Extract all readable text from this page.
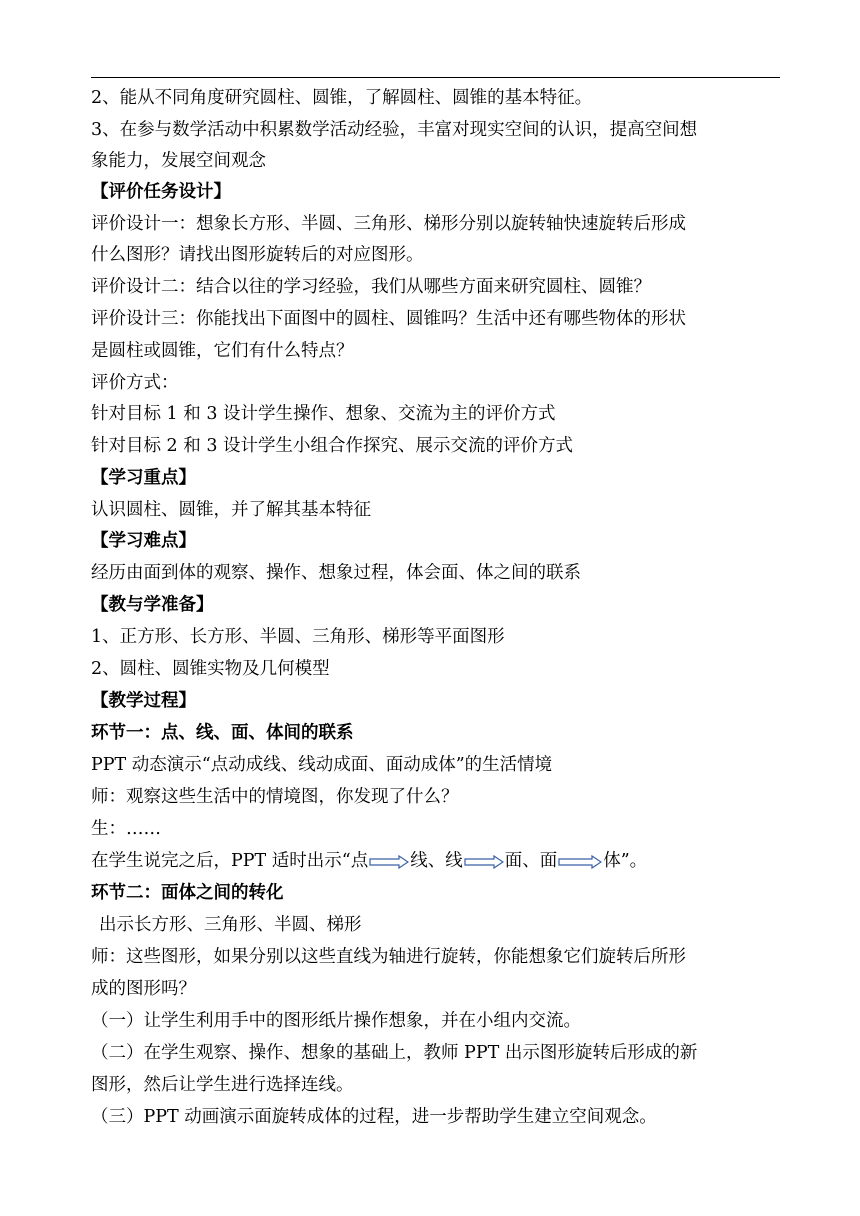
2、能从不同角度研究圆柱、圆锥，了解圆柱、圆锥的基本特征。
3、在参与数学活动中积累数学活动经验，丰富对现实空间的认识，提高空间想
象能力，发展空间观念
【评价任务设计】
评价设计一：想象长方形、半圆、三角形、梯形分别以旋转轴快速旋转后形成
什么图形？请找出图形旋转后的对应图形。
评价设计二：结合以往的学习经验，我们从哪些方面来研究圆柱、圆锥？
评价设计三：你能找出下面图中的圆柱、圆锥吗？生活中还有哪些物体的形状
是圆柱或圆锥，它们有什么特点？
评价方式：
针对目标 1 和 3 设计学生操作、想象、交流为主的评价方式
针对目标 2 和 3 设计学生小组合作探究、展示交流的评价方式
【学习重点】
认识圆柱、圆锥，并了解其基本特征
【学习难点】
经历由面到体的观察、操作、想象过程，体会面、体之间的联系
【教与学准备】
1、正方形、长方形、半圆、三角形、梯形等平面图形
2、圆柱、圆锥实物及几何模型
【教学过程】
环节一：点、线、面、体间的联系
PPT 动态演示“点动成线、线动成面、面动成体”的生活情境
师：观察这些生活中的情境图，你发现了什么？
生：……
在学生说完之后，PPT 适时出示“点 线、线 面、面	体”。
环节二：面体之间的转化
出示长方形、三角形、半圆、梯形
师：这些图形，如果分别以这些直线为轴进行旋转，你能想象它们旋转后所形
成的图形吗？
（一）让学生利用手中的图形纸片操作想象，并在小组内交流。
（二）在学生观察、操作、想象的基础上，教师 PPT 出示图形旋转后形成的新
图形，然后让学生进行选择连线。
（三）PPT 动画演示面旋转成体的过程，进一步帮助学生建立空间观念。
